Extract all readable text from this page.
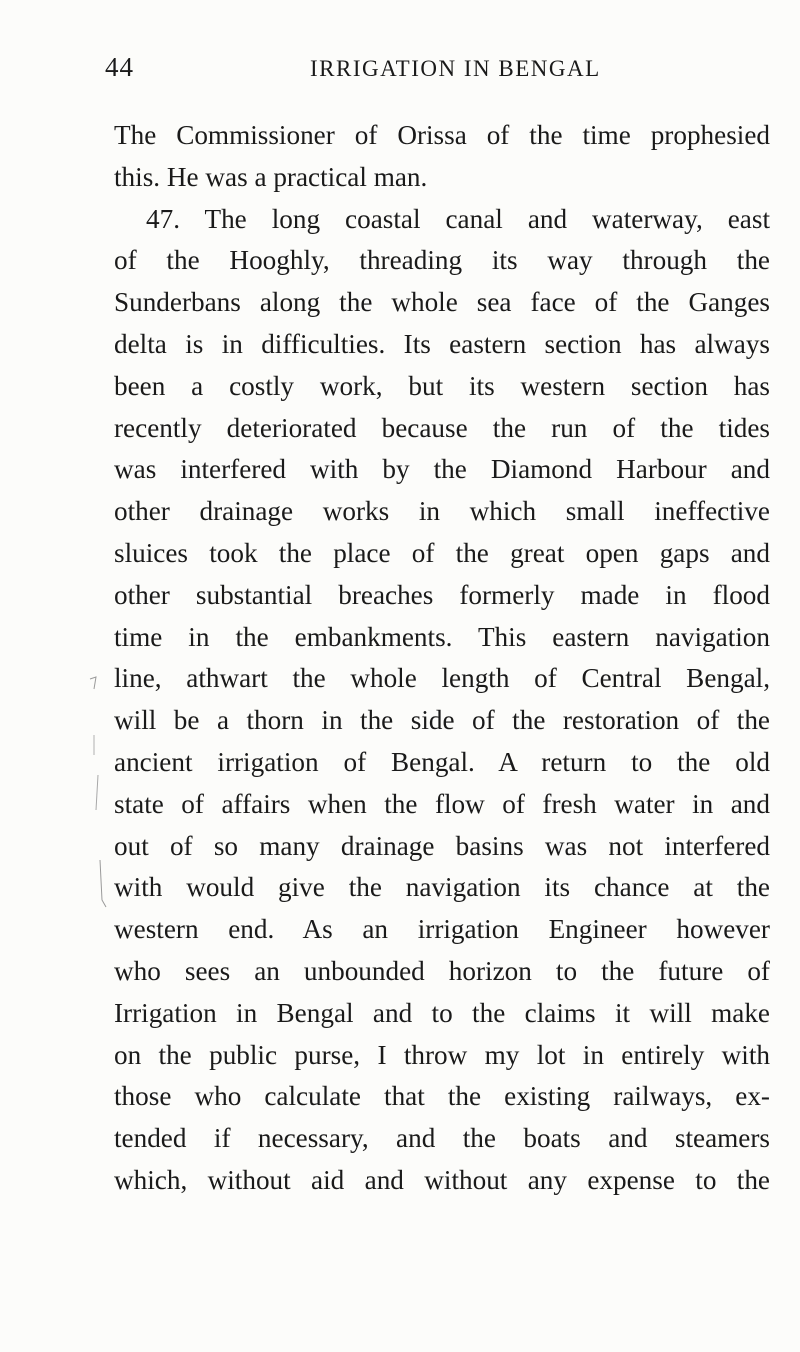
44	IRRIGATION IN BENGAL
The Commissioner of Orissa of the time prophesied
this. He was a practical man.
47. The long coastal canal and waterway, east
of the Hooghly, threading its way through the
Sunderbans along the whole sea face of the Ganges
delta is in difficulties. Its eastern section has always
been a costly work, but its western section has
recently deteriorated because the run of the tides
was interfered with by the Diamond Harbour and
other drainage works in which small ineffective
sluices took the place of the great open gaps and
other substantial breaches formerly made in flood
time in the embankments. This eastern navigation
line, athwart the whole length of Central Bengal,
will be a thorn in the side of the restoration of the
ancient irrigation of Bengal. A return to the old
state of affairs when the flow of fresh water in and
out of so many drainage basins was not interfered
with would give the navigation its chance at the
western end. As an irrigation Engineer however
who sees an unbounded horizon to the future of
Irrigation in Bengal and to the claims it will make
on the public purse, I throw my lot in entirely with
those who calculate that the existing railways, ex-
tended if necessary, and the boats and steamers
which, without aid and without any expense to the
